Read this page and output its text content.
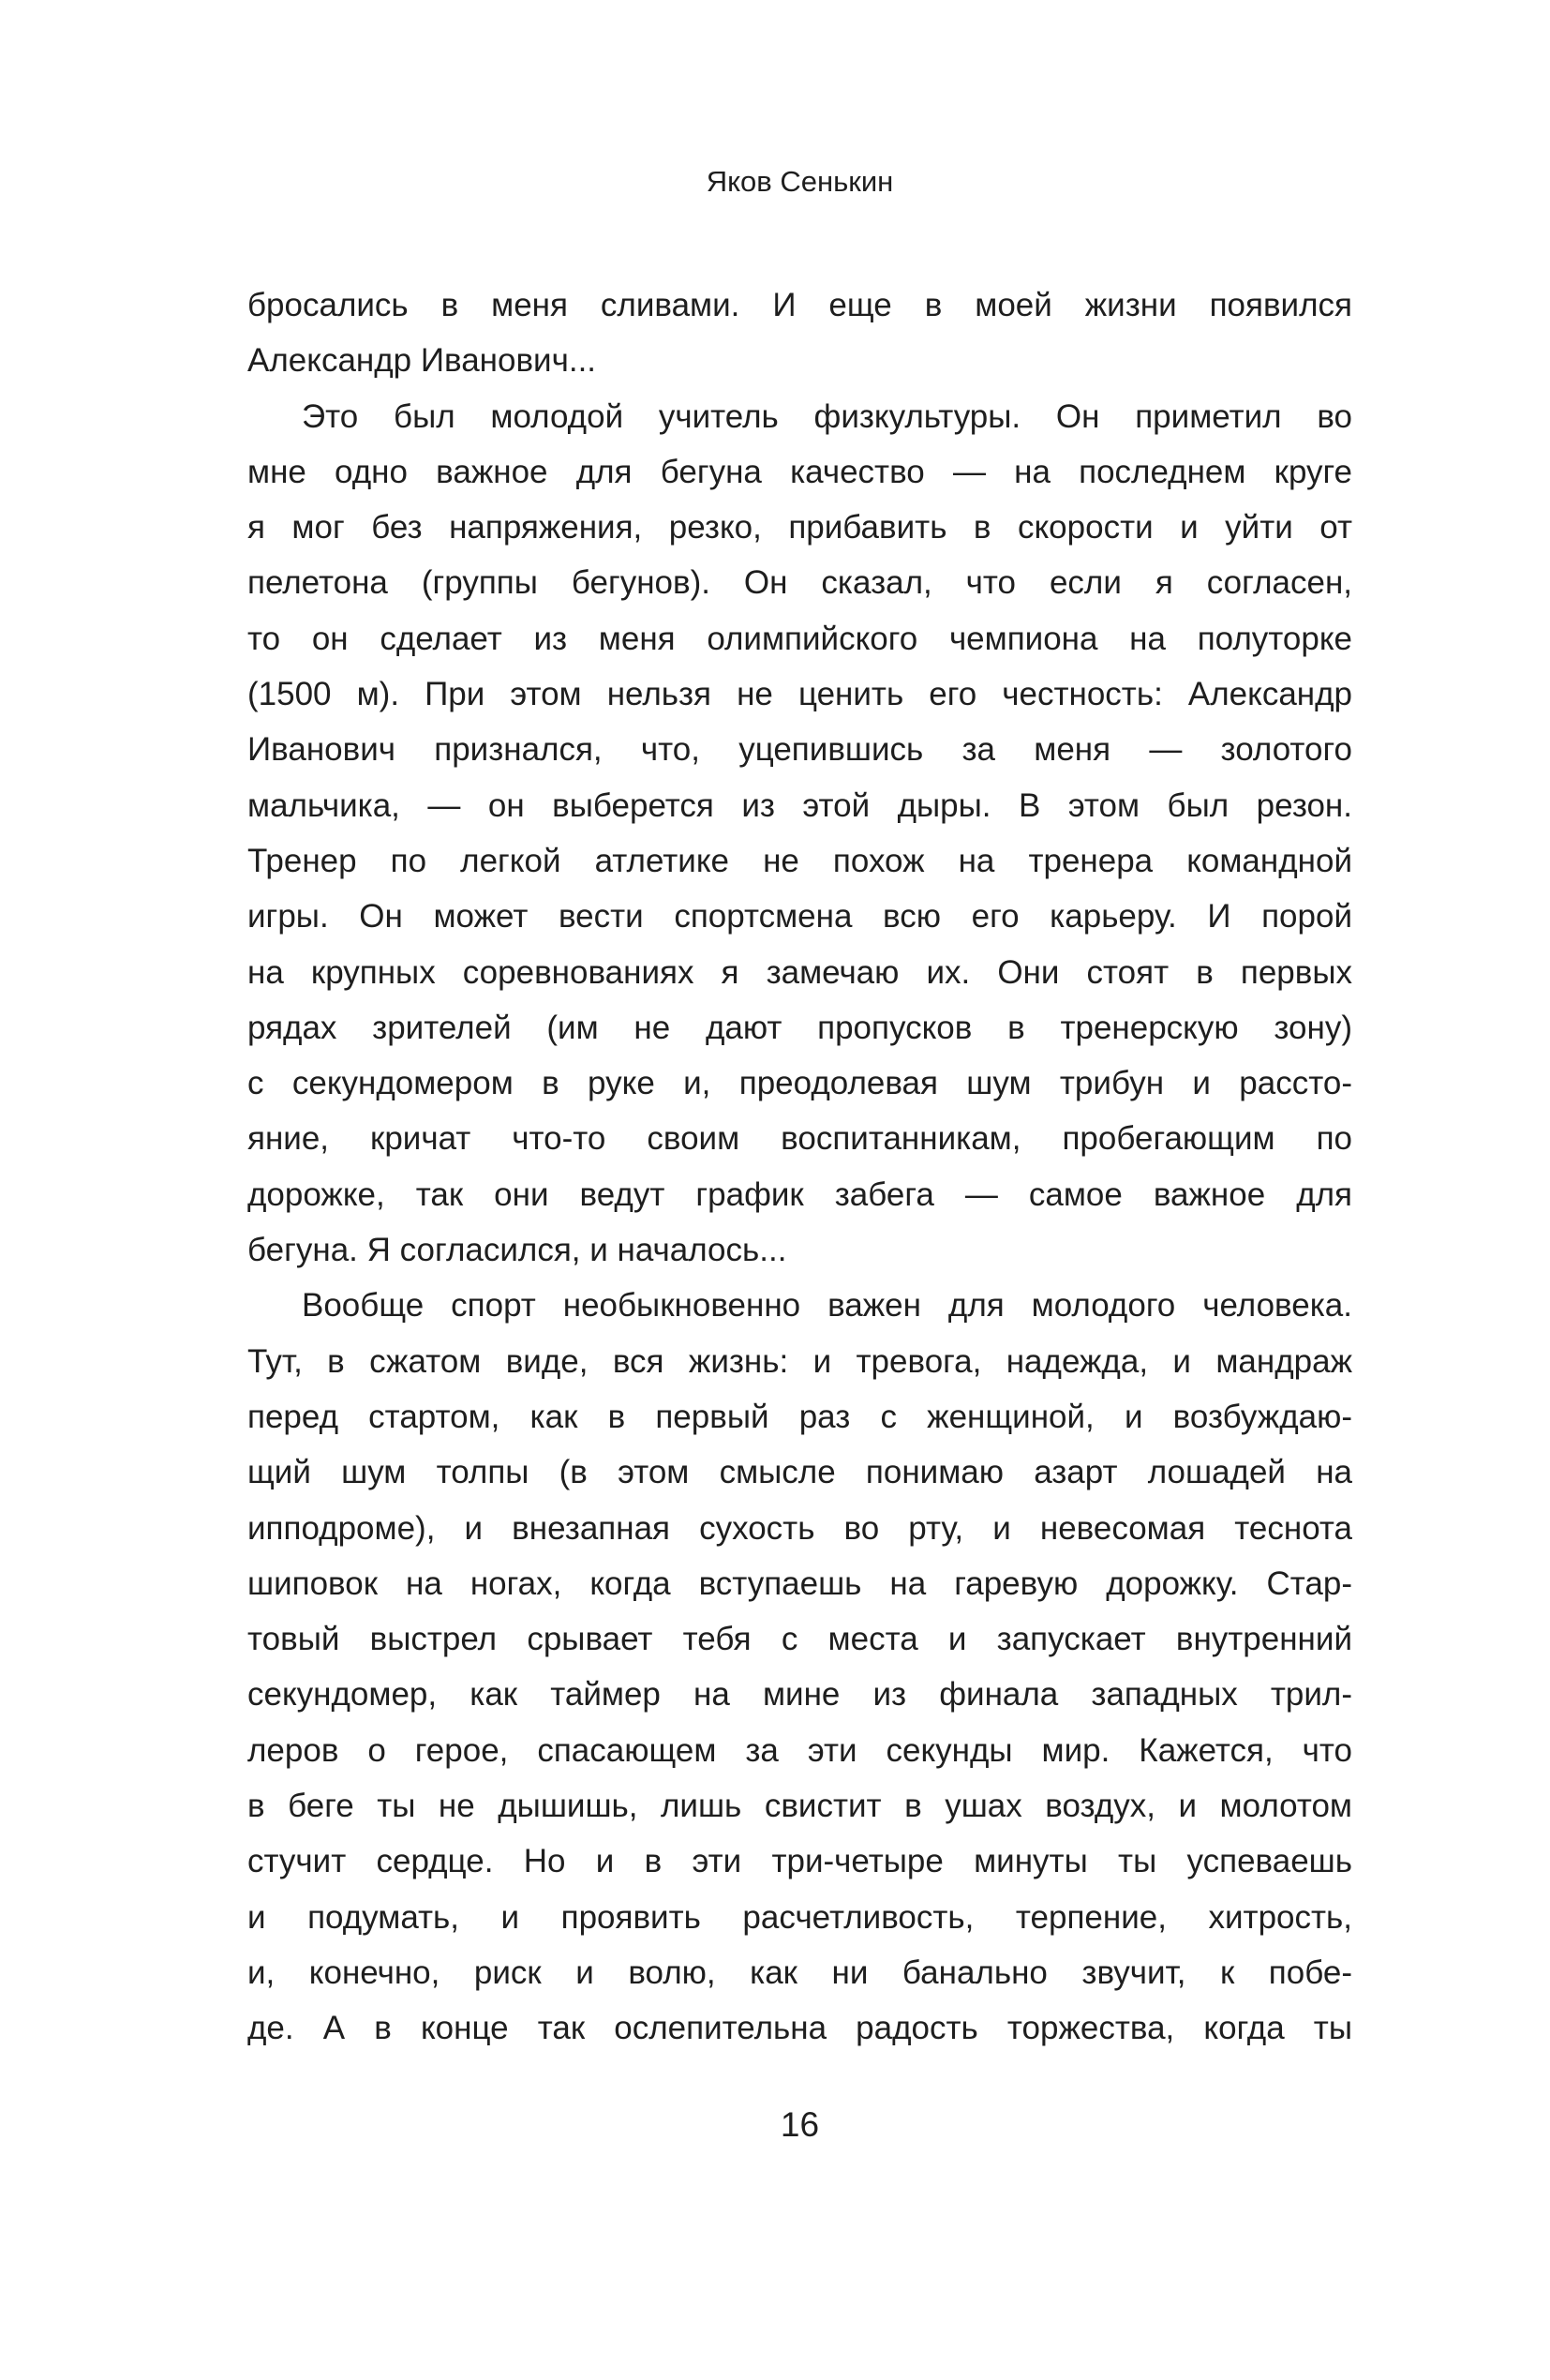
Яков Сенькин
бросались в меня сливами. И еще в моей жизни появился
Александр Иванович...
Это был молодой учитель физкультуры. Он приметил во
мне одно важное для бегуна качество — на последнем круге
я мог без напряжения, резко, прибавить в скорости и уйти от
пелетона (группы бегунов). Он сказал, что если я согласен,
то он сделает из меня олимпийского чемпиона на полуторке
(1500 м). При этом нельзя не ценить его честность: Александр
Иванович признался, что, уцепившись за меня — золотого
мальчика, — он выберется из этой дыры. В этом был резон.
Тренер по легкой атлетике не похож на тренера командной
игры. Он может вести спортсмена всю его карьеру. И порой
на крупных соревнованиях я замечаю их. Они стоят в первых
рядах зрителей (им не дают пропусков в тренерскую зону)
с секундомером в руке и, преодолевая шум трибун и рассто-
яние, кричат что-то своим воспитанникам, пробегающим по
дорожке, так они ведут график забега — самое важное для
бегуна. Я согласился, и началось...
Вообще спорт необыкновенно важен для молодого человека.
Тут, в сжатом виде, вся жизнь: и тревога, надежда, и мандраж
перед стартом, как в первый раз с женщиной, и возбуждаю-
щий шум толпы (в этом смысле понимаю азарт лошадей на
ипподроме), и внезапная сухость во рту, и невесомая теснота
шиповок на ногах, когда вступаешь на гаревую дорожку. Стар-
товый выстрел срывает тебя с места и запускает внутренний
секундомер, как таймер на мине из финала западных трил-
леров о герое, спасающем за эти секунды мир. Кажется, что
в беге ты не дышишь, лишь свистит в ушах воздух, и молотом
стучит сердце. Но и в эти три-четыре минуты ты успеваешь
и подумать, и проявить расчетливость, терпение, хитрость,
и, конечно, риск и волю, как ни банально звучит, к побе-
де. А в конце так ослепительна радость торжества, когда ты
16
